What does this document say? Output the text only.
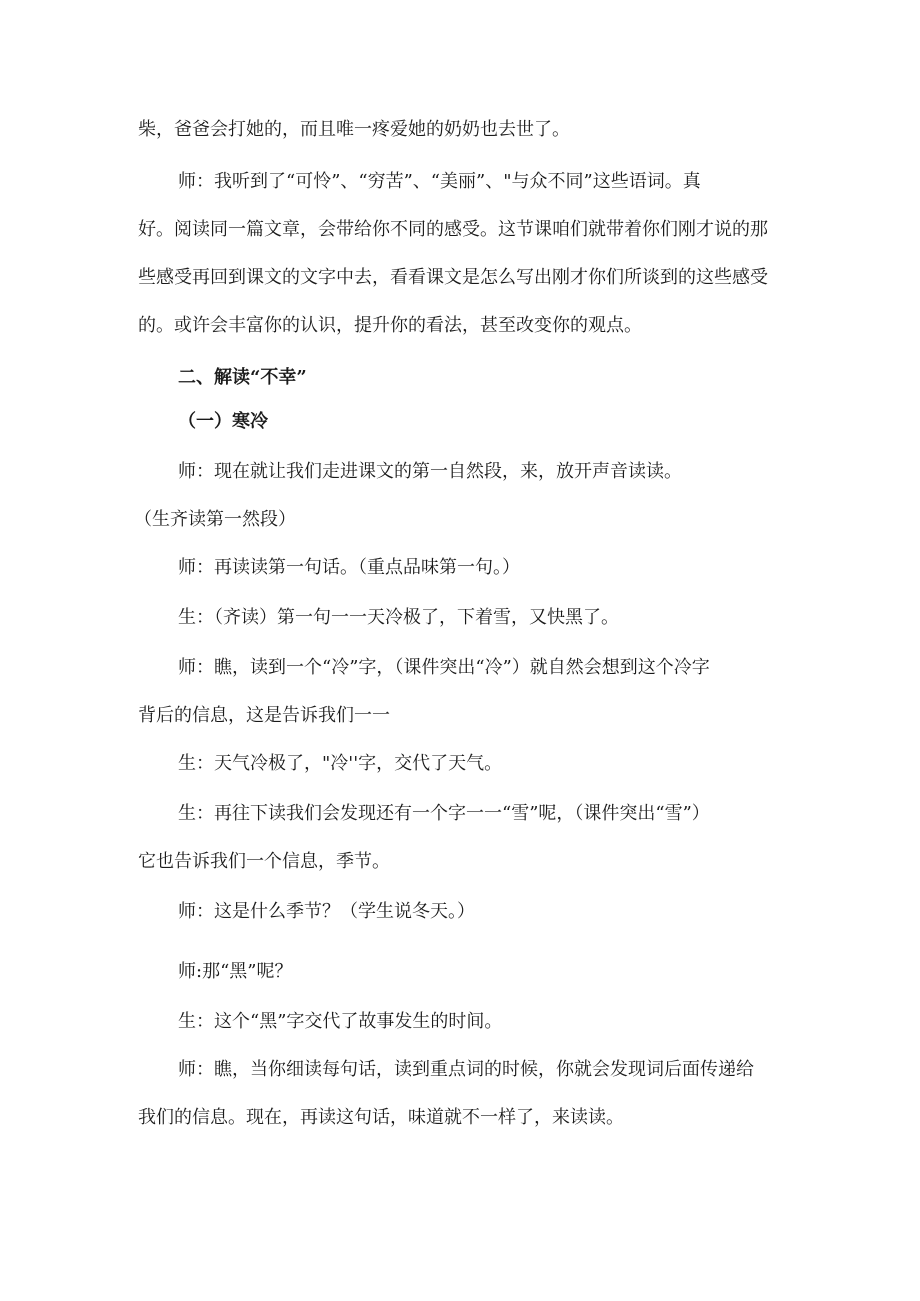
柴，爸爸会打她的，而且唯一疼爱她的奶奶也去世了。
师：我听到了“可怜”、“穷苦”、“美丽”、"与众不同”这些语词。真
好。阅读同一篇文章，会带给你不同的感受。这节课咱们就带着你们刚才说的那
些感受再回到课文的文字中去，看看课文是怎么写出刚才你们所谈到的这些感受
的。或许会丰富你的认识，提升你的看法，甚至改变你的观点。
二、解读“不幸”
（一）寒冷
师：现在就让我们走进课文的第一自然段，来，放开声音读读。
（生齐读第一然段）
师：再读读第一句话。（重点品味第一句。）
生：（齐读）第一句一一天冷极了，下着雪，又快黑了。
师：瞧，读到一个“冷”字，（课件突出“冷”）就自然会想到这个冷字
背后的信息，这是告诉我们一一
生：天气冷极了，"冷''字，交代了天气。
生：再往下读我们会发现还有一个字一一“雪”呢，（课件突出“雪”）
它也告诉我们一个信息，季节。
师：这是什么季节？（学生说冬天。）
师:那“黑”呢？
生：这个“黑”字交代了故事发生的时间。
师：瞧，当你细读每句话，读到重点词的时候，你就会发现词后面传递给
我们的信息。现在，再读这句话，味道就不一样了，来读读。
